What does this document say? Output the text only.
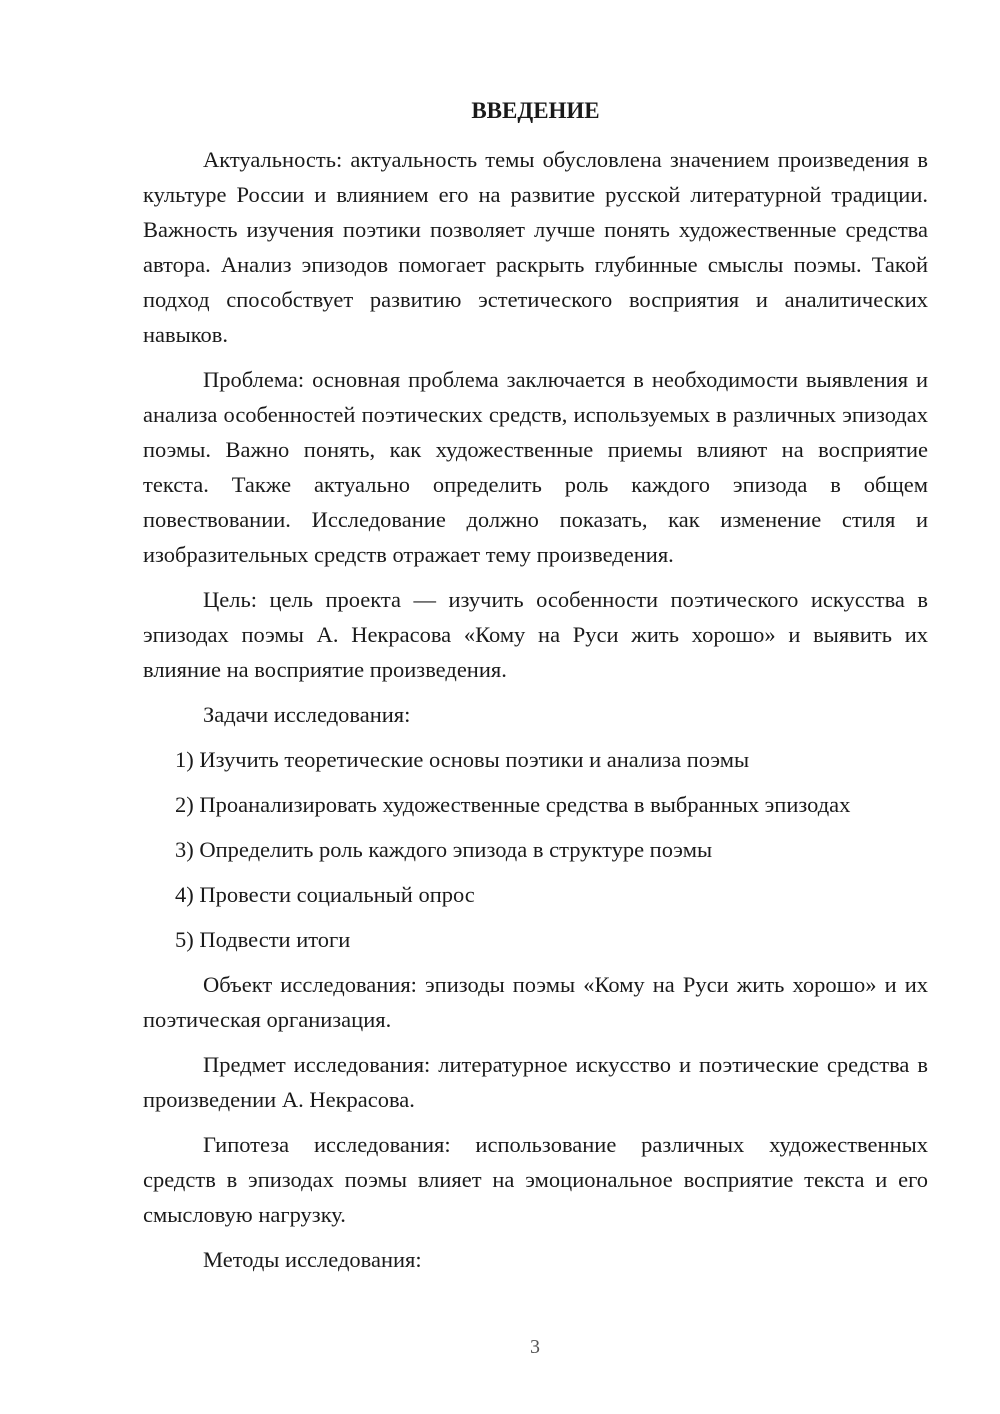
ВВЕДЕНИЕ

Актуальность: актуальность темы обусловлена значением произведения в культуре России и влиянием его на развитие русской литературной традиции. Важность изучения поэтики позволяет лучше понять художественные средства автора. Анализ эпизодов помогает раскрыть глубинные смыслы поэмы. Такой подход способствует развитию эстетического восприятия и аналитических навыков.

Проблема: основная проблема заключается в необходимости выявления и анализа особенностей поэтических средств, используемых в различных эпизодах поэмы. Важно понять, как художественные приемы влияют на восприятие текста. Также актуально определить роль каждого эпизода в общем повествовании. Исследование должно показать, как изменение стиля и изобразительных средств отражает тему произведения.

Цель: цель проекта — изучить особенности поэтического искусства в эпизодах поэмы А. Некрасова «Кому на Руси жить хорошо» и выявить их влияние на восприятие произведения.

Задачи исследования:

1) Изучить теоретические основы поэтики и анализа поэмы

2) Проанализировать художественные средства в выбранных эпизодах

3) Определить роль каждого эпизода в структуре поэмы

4) Провести социальный опрос

5) Подвести итоги

Объект исследования: эпизоды поэмы «Кому на Руси жить хорошо» и их поэтическая организация.

Предмет исследования: литературное искусство и поэтические средства в произведении А. Некрасова.

Гипотеза исследования: использование различных художественных средств в эпизодах поэмы влияет на эмоциональное восприятие текста и его смысловую нагрузку.

Методы исследования:

3
